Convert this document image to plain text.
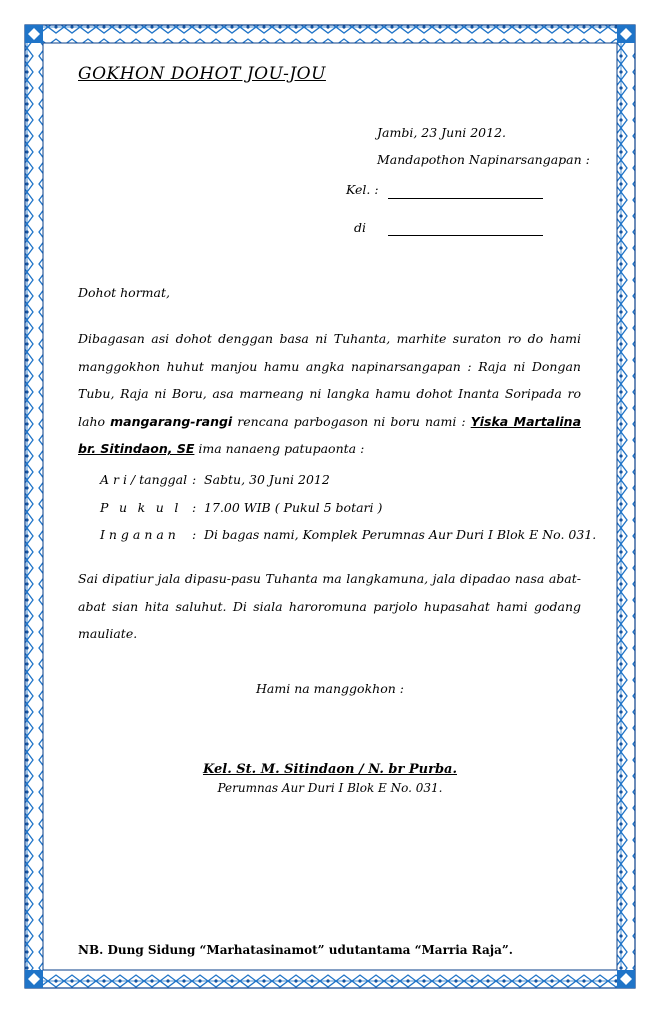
GOKHON DOHOT JOU-JOU
Jambi, 23 Juni 2012.
Mandapothon Napinarsangapan :
Kel. :
di
Dohot hormat,
Dibagasan asi dohot denggan basa ni Tuhanta, marhite suraton ro do hami manggokhon huhut manjou hamu angka napinarsangapan : Raja ni Dongan Tubu, Raja ni Boru, asa marneang ni langka hamu dohot Inanta Soripada ro laho mangarang-rangi rencana parbogason ni boru nami : Yiska Martalina br. Sitindaon, SE ima nanaeng patupaonta :
A r i / tanggal : Sabtu, 30 Juni 2012
P u k u l : 17.00 WIB ( Pukul 5 botari )
I n g a n a n	: Di bagas nami, Komplek Perumnas Aur Duri I Blok E No. 031.
Sai dipatiur jala dipasu-pasu Tuhanta ma langkamuna, jala dipadao nasa abat-abat sian hita saluhut. Di siala haroromuna parjolo hupasahat hami godang mauliate.
Hami na manggokhon :
Kel. St. M. Sitindaon / N. br Purba.
Perumnas Aur Duri I Blok E No. 031.
NB. Dung Sidung “Marhatasinamot” udutantama “Marria Raja”.
